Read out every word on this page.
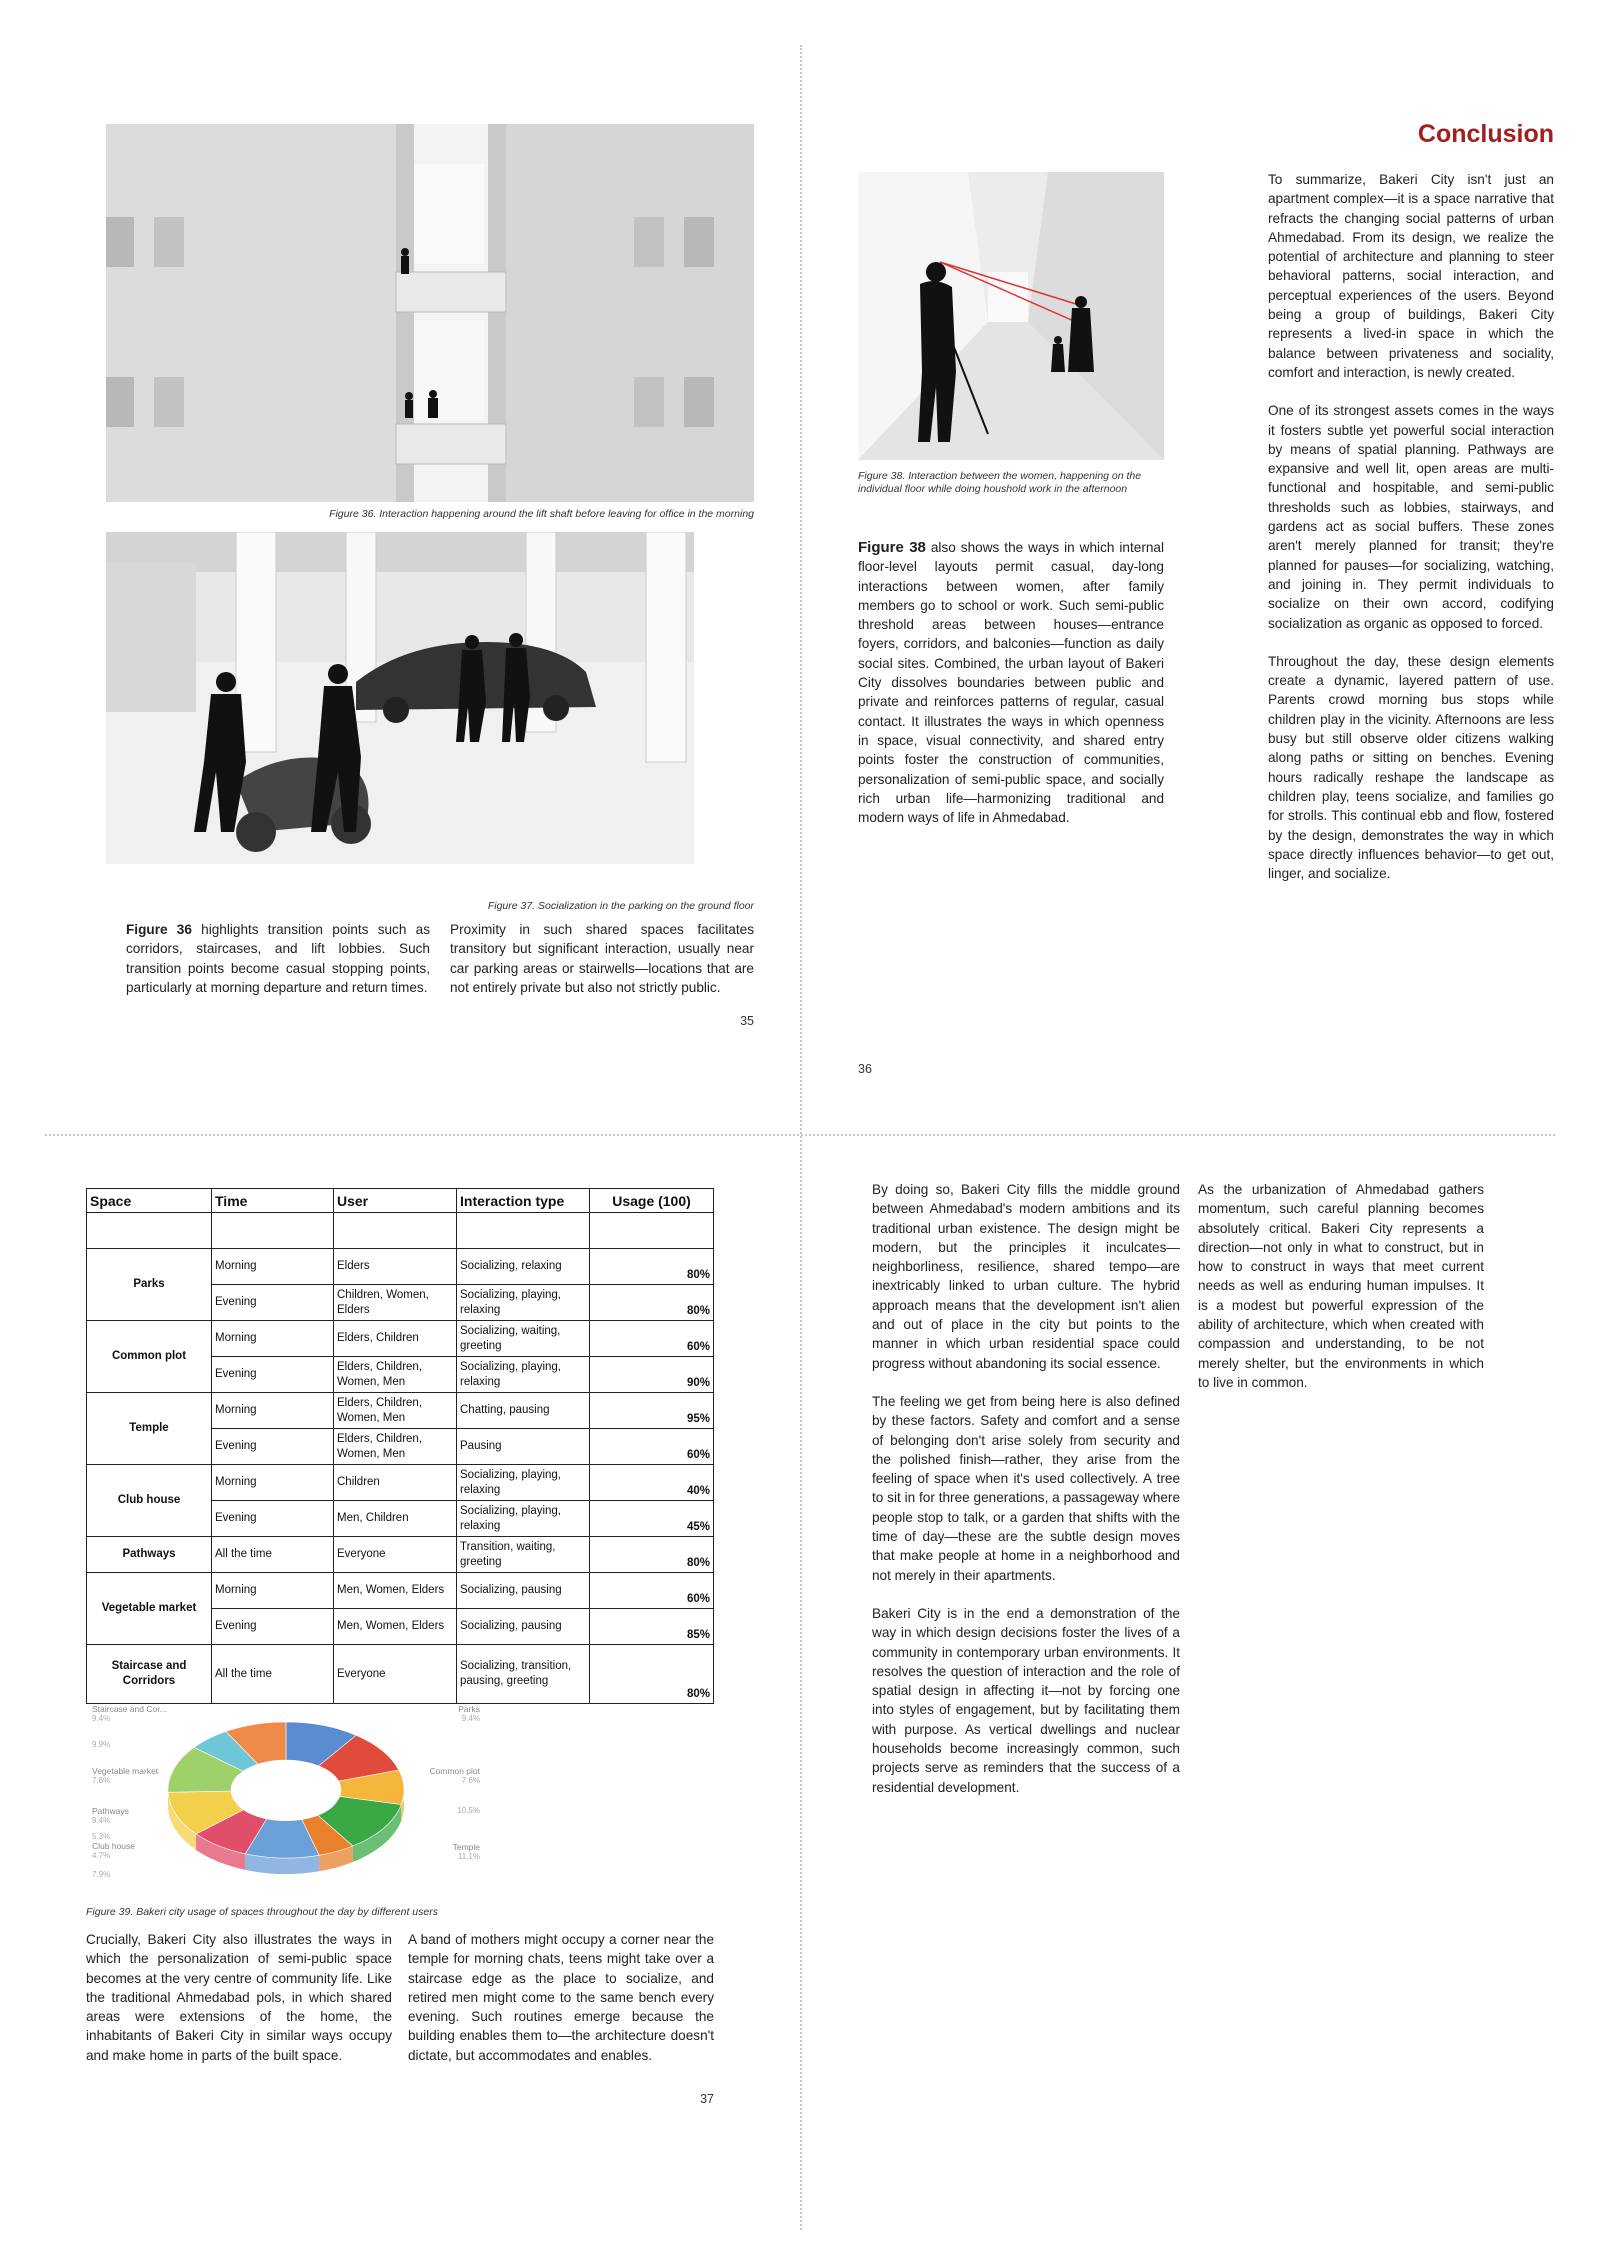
Figure 36. Interaction happening around the lift shaft before leaving for office in the morning
Figure 37. Socialization in the parking on the ground floor
Figure 36 highlights transition points such as corridors, staircases, and lift lobbies. Such transition points become casual stopping points, particularly at morning departure and return times.
Proximity in such shared spaces facilitates transitory but significant interaction, usually near car parking areas or stairwells—locations that are not entirely private but also not strictly public.
35
Figure 38. Interaction between the women, happening on the individual floor while doing houshold work in the afternoon
Figure 38 also shows the ways in which internal floor-level layouts permit casual, day-long interactions between women, after family members go to school or work. Such semi-public threshold areas between houses—entrance foyers, corridors, and balconies—function as daily social sites. Combined, the urban layout of Bakeri City dissolves boundaries between public and private and reinforces patterns of regular, casual contact. It illustrates the ways in which openness in space, visual connectivity, and shared entry points foster the construction of communities, personalization of semi-public space, and socially rich urban life—harmonizing traditional and modern ways of life in Ahmedabad.
Conclusion

To summarize, Bakeri City isn't just an apartment complex—it is a space narrative that refracts the changing social patterns of urban Ahmedabad. From its design, we realize the potential of architecture and planning to steer behavioral patterns, social interaction, and perceptual experiences of the users. Beyond being a group of buildings, Bakeri City represents a lived-in space in which the balance between privateness and sociality, comfort and interaction, is newly created.

One of its strongest assets comes in the ways it fosters subtle yet powerful social interaction by means of spatial planning. Pathways are expansive and well lit, open areas are multi-functional and hospitable, and semi-public thresholds such as lobbies, stairways, and gardens act as social buffers. These zones aren't merely planned for transit; they're planned for pauses—for socializing, watching, and joining in. They permit individuals to socialize on their own accord, codifying socialization as organic as opposed to forced.

Throughout the day, these design elements create a dynamic, layered pattern of use. Parents crowd morning bus stops while children play in the vicinity. Afternoons are less busy but still observe older citizens walking along paths or sitting on benches. Evening hours radically reshape the landscape as children play, teens socialize, and families go for strolls. This continual ebb and flow, fostered by the design, demonstrates the way in which space directly influences behavior—to get out, linger, and socialize.

36
Space	Time	User	Interaction type	Usage (100)

Parks	Morning	Elders	Socializing, relaxing	80%
	Evening	Children, Women, Elders	Socializing, playing, relaxing	80%
Common plot	Morning	Elders, Children	Socializing, waiting, greeting	60%
	Evening	Elders, Children, Women, Men	Socializing, playing, relaxing	90%
Temple	Morning	Elders, Children, Women, Men	Chatting, pausing	95%
	Evening	Elders, Children, Women, Men	Pausing	60%
Club house	Morning	Children	Socializing, playing, relaxing	40%
	Evening	Men, Children	Socializing, playing, relaxing	45%
Pathways	All the time	Everyone	Transition, waiting, greeting	80%
Vegetable market	Morning	Men, Women, Elders	Socializing, pausing	60%
	Evening	Men, Women, Elders	Socializing, pausing	85%
Staircase and Corridors	All the time	Everyone	Socializing, transition, pausing, greeting	80%
Staircase and Cor...
9.4%
9.9%
Vegetable market
7.6%
Pathways
9.4%
5.3%
Club house
4.7%
7.9%
Parks
9.4%
Common plot
7.6%
10.5%
Temple
11.1%
Figure 39. Bakeri city usage of spaces throughout the day by different users
Crucially, Bakeri City also illustrates the ways in which the personalization of semi-public space becomes at the very centre of community life. Like the traditional Ahmedabad pols, in which shared areas were extensions of the home, the inhabitants of Bakeri City in similar ways occupy and make home in parts of the built space.
A band of mothers might occupy a corner near the temple for morning chats, teens might take over a staircase edge as the place to socialize, and retired men might come to the same bench every evening. Such routines emerge because the building enables them to—the architecture doesn't dictate, but accommodates and enables.
37

By doing so, Bakeri City fills the middle ground between Ahmedabad's modern ambitions and its traditional urban existence. The design might be modern, but the principles it inculcates—neighborliness, resilience, shared tempo—are inextricably linked to urban culture. The hybrid approach means that the development isn't alien and out of place in the city but points to the manner in which urban residential space could progress without abandoning its social essence.

The feeling we get from being here is also defined by these factors. Safety and comfort and a sense of belonging don't arise solely from security and the polished finish—rather, they arise from the feeling of space when it's used collectively. A tree to sit in for three generations, a passageway where people stop to talk, or a garden that shifts with the time of day—these are the subtle design moves that make people at home in a neighborhood and not merely in their apartments.

Bakeri City is in the end a demonstration of the way in which design decisions foster the lives of a community in contemporary urban environments. It resolves the question of interaction and the role of spatial design in affecting it—not by forcing one into styles of engagement, but by facilitating them with purpose. As vertical dwellings and nuclear households become increasingly common, such projects serve as reminders that the success of a residential development.

As the urbanization of Ahmedabad gathers momentum, such careful planning becomes absolutely critical. Bakeri City represents a direction—not only in what to construct, but in how to construct in ways that meet current needs as well as enduring human impulses. It is a modest but powerful expression of the ability of architecture, which when created with compassion and understanding, to be not merely shelter, but the environments in which to live in common.
